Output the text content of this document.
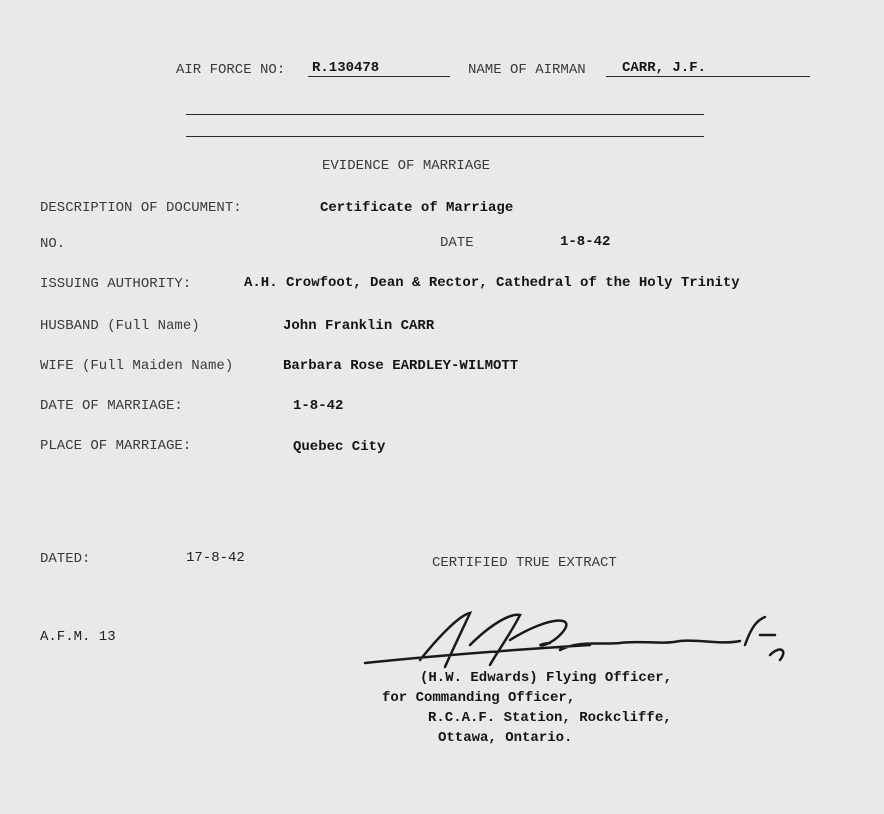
AIR FORCE NO: R.130478	NAME OF AIRMAN	CARR, J.F.
EVIDENCE OF MARRIAGE
DESCRIPTION OF DOCUMENT:	Certificate of Marriage
NO.	DATE	1-8-42
ISSUING AUTHORITY:	A.H. Crowfoot, Dean & Rector, Cathedral of the Holy Trinity
HUSBAND (Full Name)	John Franklin CARR
WIFE (Full Maiden Name)	Barbara Rose EARDLEY-WILMOTT
DATE OF MARRIAGE:	1-8-42
PLACE OF MARRIAGE:	Quebec City
DATED:	17-8-42	CERTIFIED TRUE EXTRACT
A.F.M. 13
(H.W. Edwards) Flying Officer,
for Commanding Officer,
R.C.A.F. Station, Rockcliffe,
Ottawa, Ontario.
